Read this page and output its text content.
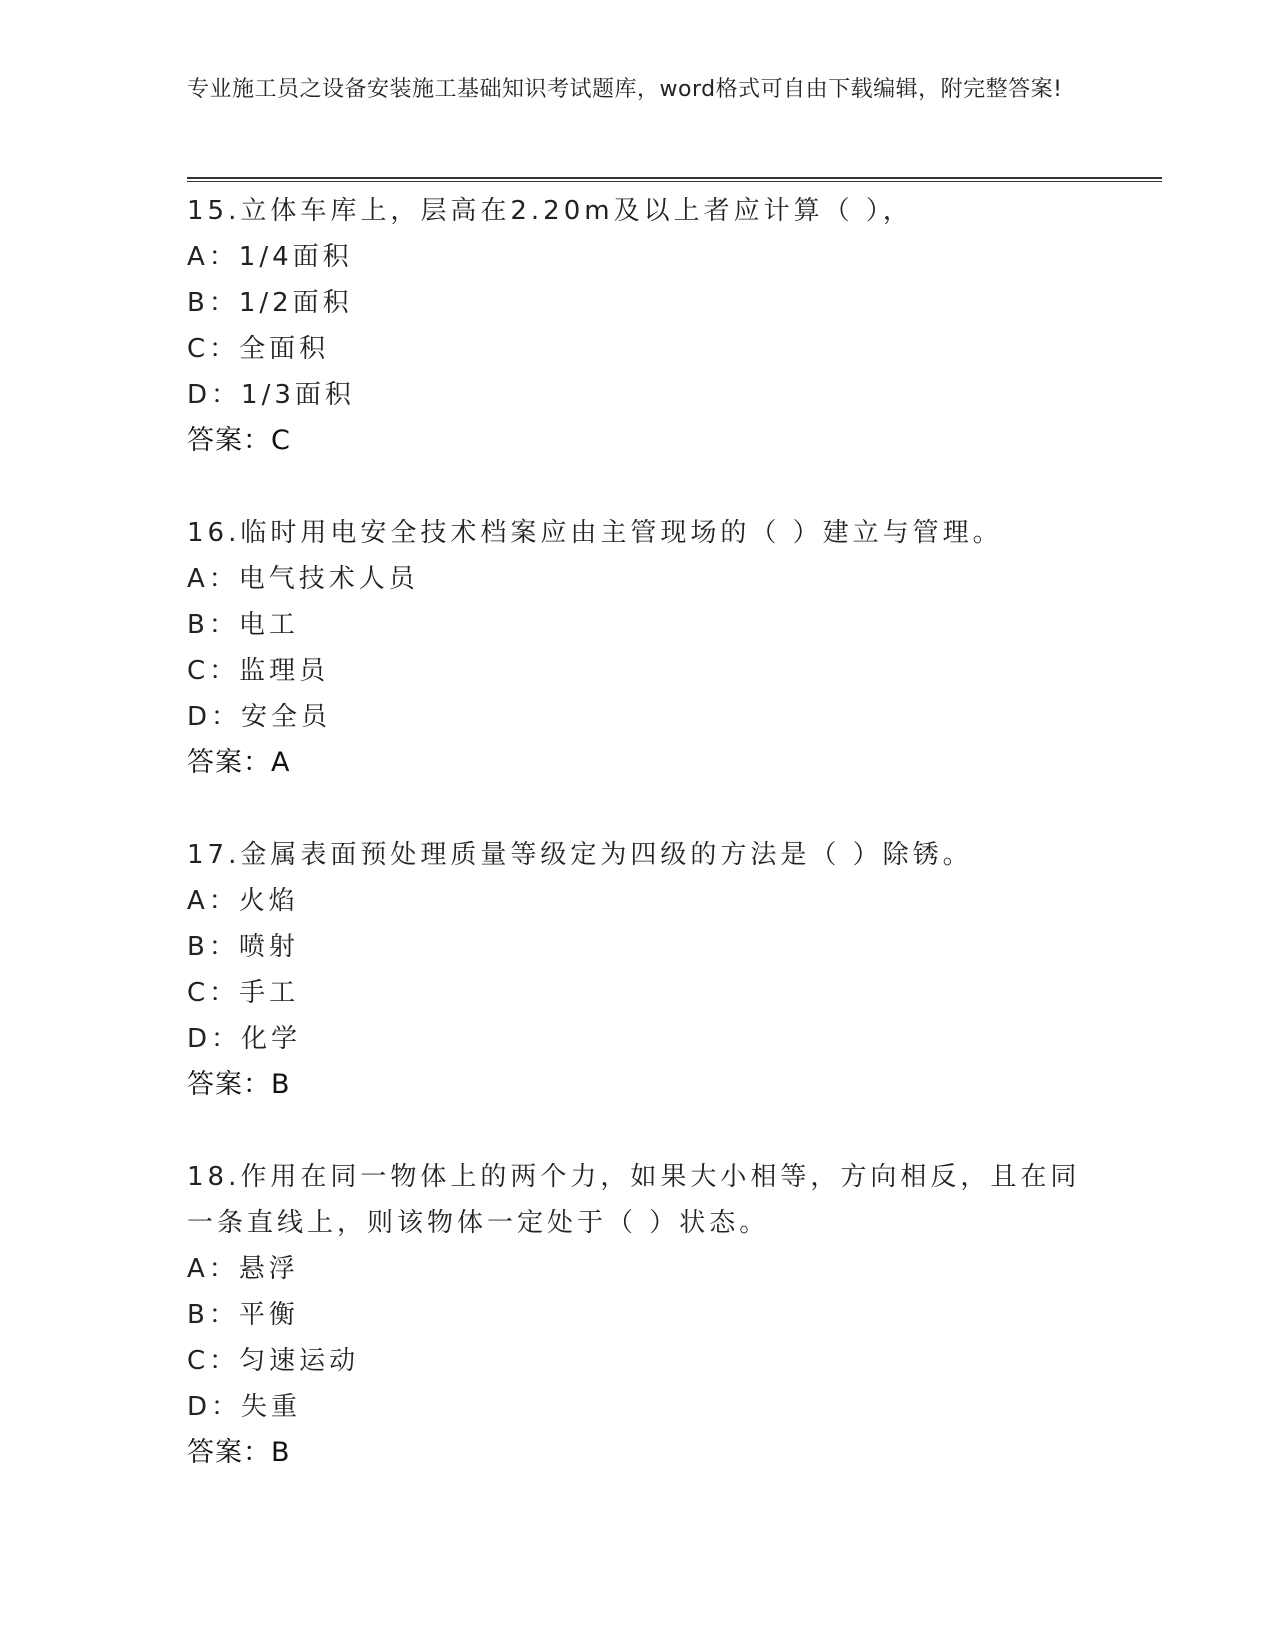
专业施工员之设备安装施工基础知识考试题库，word格式可自由下载编辑，附完整答案!

15.立体车库上，层高在2.20m及以上者应计算（ ），

A：1/4面积

B：1/2面积

C：全面积

D：1/3面积

答案：C

16.临时用电安全技术档案应由主管现场的（ ）建立与管理。

A：电气技术人员

B：电工

C：监理员

D：安全员

答案：A

17.金属表面预处理质量等级定为四级的方法是（ ）除锈。

A：火焰

B：喷射

C：手工

D：化学

答案：B

18.作用在同一物体上的两个力，如果大小相等，方向相反，且在同一条直线上，则该物体一定处于（ ）状态。

A：悬浮

B：平衡

C：匀速运动

D：失重

答案：B
